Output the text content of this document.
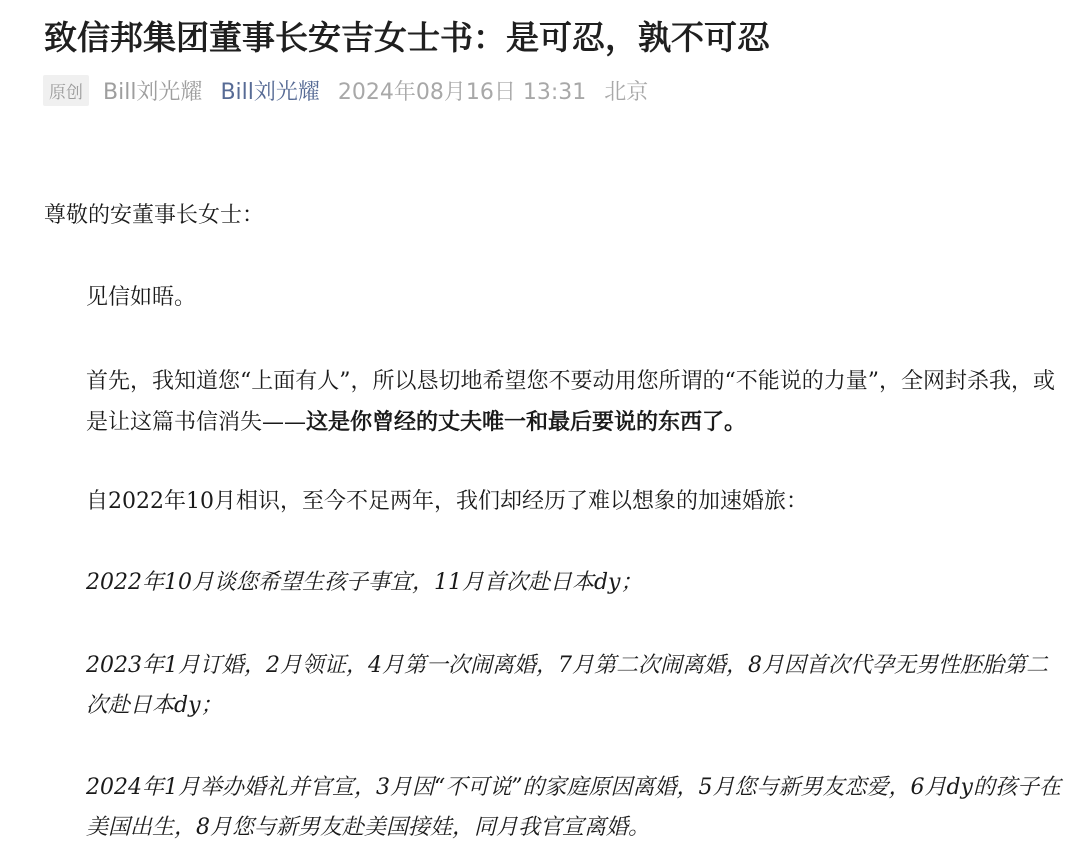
致信邦集团董事长安吉女士书：是可忍，孰不可忍
原创 Bill刘光耀 Bill刘光耀 2024年08月16日 13:31 北京

尊敬的安董事长女士：

见信如晤。

首先，我知道您“上面有人”，所以恳切地希望您不要动用您所谓的“不能说的力量”，全网封杀我，或是让这篇书信消失——这是你曾经的丈夫唯一和最后要说的东西了。

自2022年10月相识，至今不足两年，我们却经历了难以想象的加速婚旅：

2022年10月谈您希望生孩子事宜，11月首次赴日本dy；

2023年1月订婚，2月领证，4月第一次闹离婚，7月第二次闹离婚，8月因首次代孕无男性胚胎第二次赴日本dy；

2024年1月举办婚礼并官宣，3月因“不可说”的家庭原因离婚，5月您与新男友恋爱，6月dy的孩子在美国出生，8月您与新男友赴美国接娃，同月我官宣离婚。
